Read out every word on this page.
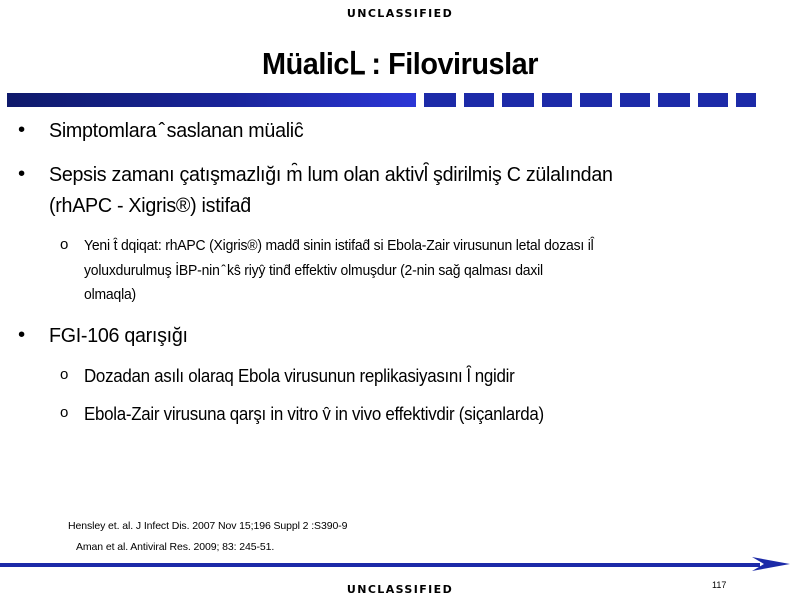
UNCLASSIFIED
MüalicԼ : Filoviruslar
• Simptomlara ̂ saslanan müalic̑
• Sepsis zamanı çatışmazlığı m̑ lum olan aktivl̑ şdirilmiş C zülalından
(rhAPC - Xigris®) istifad̑
o Yeni t̑ dqiqat: rhAPC (Xigris®) madd̑ sinin istifad̑ si Ebola-Zair virusunun letal dozası il̑
yoluxdurulmuş İBP-nin ̂ ks̑ riyy̑ tind̑ effektiv olmuşdur (2-nin sağ qalması daxil
olmaqla)
• FGI-106 qarışığı
o Dozadan asılı olaraq Ebola virusunun replikasiyasını l̑ ngidir
o Ebola-Zair virusuna qarşı in vitro v̑ in vivo effektivdir (siçanlarda)
Hensley et. al. J Infect Dis. 2007 Nov 15;196 Suppl 2 :S390-9
Aman et al. Antiviral Res. 2009; 83: 245-51.
117
UNCLASSIFIED
